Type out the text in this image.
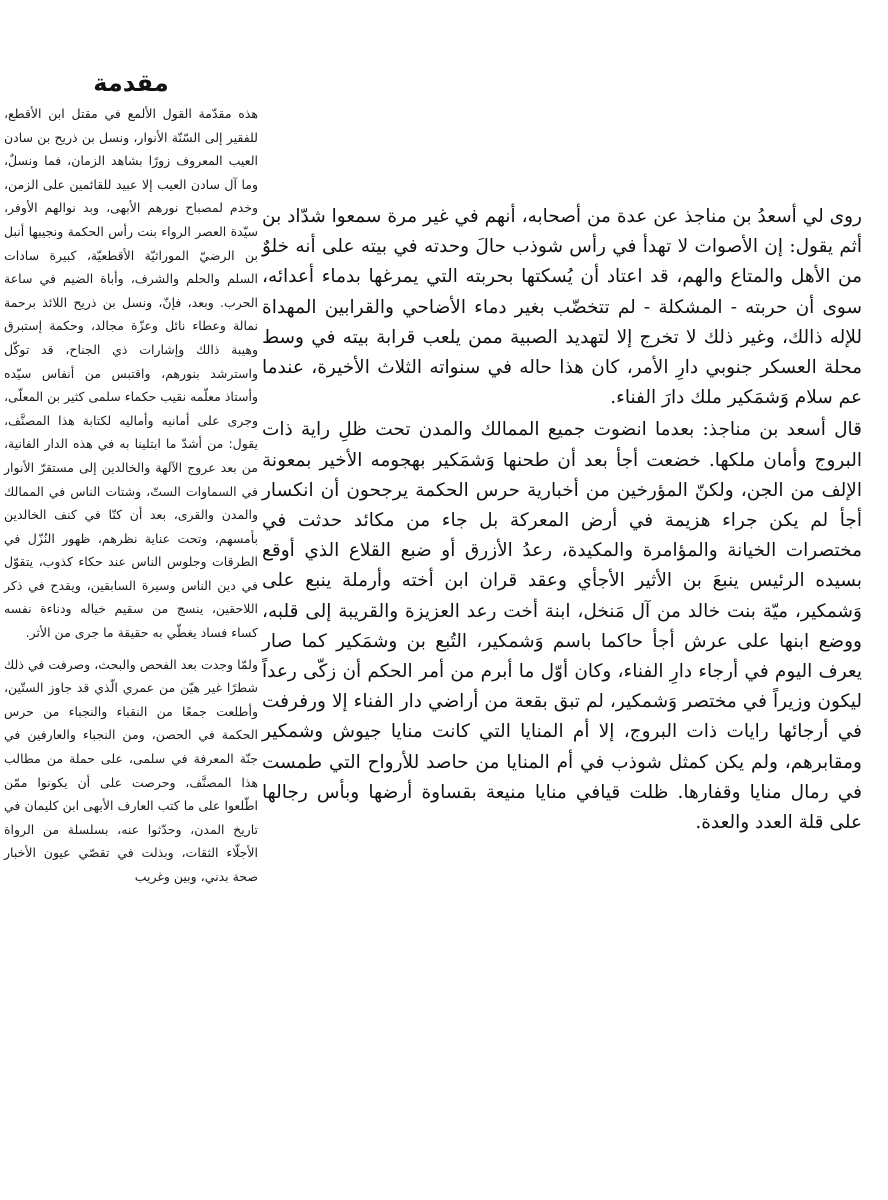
مقدمة

هذه مقدّمة القول الألمع في مقتل ابن الأقطع، للفقير إلى السّنّة الأنوار، ونسل بن ذريح بن سادن العيب المعروف زورًا بشاهد الزمان، فما ونسلٌ، وما آل سادن العيب إلا عبيد للقائمين على الزمن، وخدم لمصباح نورهم الأبهى، وبد نوالهم الأوفر، سيّدة العصر الرواء بنت رأس الحكمة ونجيبها أنبل بن الرضيّ الموراثيّة الأقطعيّة، كبيرة سادات السلم والحلم والشرف، وأباة الضيم في ساعة الحرب. وبعد، فإنّ، ونسل بن ذريح اللائذ برحمة نمالة وعطاء نائل وعزّة مجالد، وحكمة إستبرق وهيبة ذالك وإشارات ذي الجناح، قد توكّل واسترشد بنورهم، واقتبس من أنفاس سيّده وأستاذ معلّمه نقيب حكماء سلمى كثير بن المعلّى، وجرى على أمانيه وأماليه لكتابة هذا المصنَّف، يقول: من أشدّ ما ابتلينا به في هذه الدار الفانية، من بعد عروج الآلهة والخالدين إلى مستقرّ الأنوار في السماوات الستّ، وشتات الناس في الممالك والمدن والقرى، بعد أن كنّا في كنف الخالدين بأمسهم، وتحت عناية نظرهم، ظهور النُزّل في الطرقات وجلوس الناس عند حكاء كذوب، يتقوّل في دين الناس وسيرة السابقين، ويقدح في ذكر اللاحقين، ينسج من سقيم خياله ودناءة نفسه كساء فساد يغطّي به حقيقة ما جرى من الأثر.

ولمّا وجدت بعد الفحص والبحث، وصرفت في ذلك شطرًا غير هيّن من عمري الّذي قد جاوز الستّين، وأطلعت جمعًا من النقباء والنجباء من حرس الحكمة في الحصن، ومن النجباء والعارفين في جنّة المعرفة في سلمى، على حملة من مطالب هذا المصنَّف، وحرصت على أن يكونوا ممّن اطّلعوا على ما كتب العارف الأبهى ابن كليمان في تاريخ المدن، وحدّثوا عنه، بسلسلة من الرواة الأجلّاء الثقات، وبذلت في تقصّي عيون الأخبار صحة بدني، وبين وغريب

روى لي أسعدُ بن مناجذ عن عدة من أصحابه، أنهم في غير مرة سمعوا شدّاد بن أثم يقول: إن الأصوات لا تهدأ في رأس شوذب حالَ وحدته في بيته على أنه خلوٌ من الأهل والمتاع والهم، قد اعتاد أن يُسكتها بحربته التي يمرغها بدماء أعدائه، سوى أن حربته - المشكلة - لم تتخضّب بغير دماء الأضاحي والقرابين المهداة للإله ذالك، وغير ذلك لا تخرج إلا لتهديد الصبية ممن يلعب قرابة بيته في وسط محلة العسكر جنوبي دارِ الأمر، كان هذا حاله في سنواته الثلاث الأخيرة، عندما عم سلام وَشمَكير ملك دارَ الفناء.

قال أسعد بن مناجذ: بعدما انضوت جميع الممالك والمدن تحت ظلِ راية ذات البروج وأمان ملكها. خضعت أجأ بعد أن طحنها وَشمَكير بهجومه الأخير بمعونة الإلف من الجن، ولكنّ المؤرخين من أخبارية حرس الحكمة يرجحون أن انكسار أجأ لم يكن جراء هزيمة في أرض المعركة بل جاء من مكائد حدثت في مختصرات الخيانة والمؤامرة والمكيدة، رعدُ الأزرق أو ضبع القلاع الذي أوقع بسيده الرئيس ينبعَ بن الأثير الأجأي وعقد قران ابن أخته وأرملة ينبع على وَشمكير، ميّة بنت خالد من آل مَنخل، ابنة أخت رعد العزيزة والقريبة إلى قلبه، ووضع ابنها على عرش أجأ حاكما باسم وَشمكير، التُبع بن وشمَكير كما صار يعرف اليوم في أرجاء دارِ الفناء، وكان أوّل ما أبرم من أمر الحكم أن زكّى رعداً ليكون وزيراً في مختصر وَشمكير، لم تبق بقعة من أراضي دار الفناء إلا ورفرفت في أرجائها رايات ذات البروج، إلا أم المنايا التي كانت منايا جيوش وشمكير ومقابرهم، ولم يكن كمثل شوذب في أم المنايا من حاصد للأرواح التي طمست في رمال منايا وقفارها. ظلت قيافي منايا منيعة بقساوة أرضها وبأس رجالها على قلة العدد والعدة.
